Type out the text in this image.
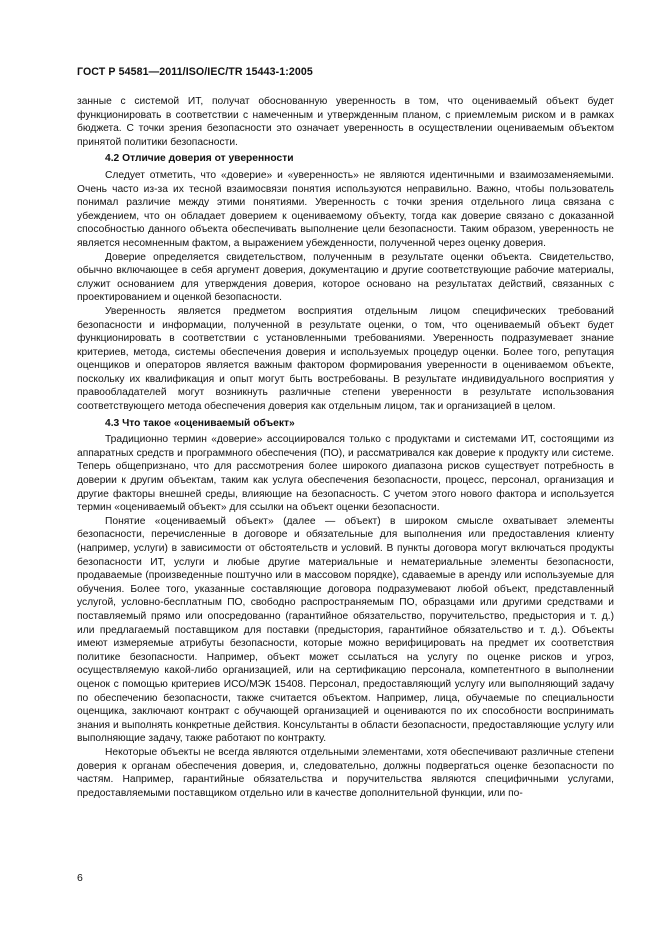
ГОСТ Р 54581—2011/ISO/IEC/TR 15443-1:2005

занные с системой ИТ, получат обоснованную уверенность в том, что оцениваемый объект будет функционировать в соответствии с намеченным и утвержденным планом, с приемлемым риском и в рамках бюджета. С точки зрения безопасности это означает уверенность в осуществлении оцениваемым объектом принятой политики безопасности.

4.2 Отличие доверия от уверенности

Следует отметить, что «доверие» и «уверенность» не являются идентичными и взаимозаменяемыми. Очень часто из-за их тесной взаимосвязи понятия используются неправильно. Важно, чтобы пользователь понимал различие между этими понятиями. Уверенность с точки зрения отдельного лица связана с убеждением, что он обладает доверием к оцениваемому объекту, тогда как доверие связано с доказанной способностью данного объекта обеспечивать выполнение цели безопасности. Таким образом, уверенность не является несомненным фактом, а выражением убежденности, полученной через оценку доверия.

Доверие определяется свидетельством, полученным в результате оценки объекта. Свидетельство, обычно включающее в себя аргумент доверия, документацию и другие соответствующие рабочие материалы, служит основанием для утверждения доверия, которое основано на результатах действий, связанных с проектированием и оценкой безопасности.

Уверенность является предметом восприятия отдельным лицом специфических требований безопасности и информации, полученной в результате оценки, о том, что оцениваемый объект будет функционировать в соответствии с установленными требованиями. Уверенность подразумевает знание критериев, метода, системы обеспечения доверия и используемых процедур оценки. Более того, репутация оценщиков и операторов является важным фактором формирования уверенности в оцениваемом объекте, поскольку их квалификация и опыт могут быть востребованы. В результате индивидуального восприятия у правообладателей могут возникнуть различные степени уверенности в результате использования соответствующего метода обеспечения доверия как отдельным лицом, так и организацией в целом.

4.3 Что такое «оцениваемый объект»

Традиционно термин «доверие» ассоциировался только с продуктами и системами ИТ, состоящими из аппаратных средств и программного обеспечения (ПО), и рассматривался как доверие к продукту или системе. Теперь общепризнано, что для рассмотрения более широкого диапазона рисков существует потребность в доверии к другим объектам, таким как услуга обеспечения безопасности, процесс, персонал, организация и другие факторы внешней среды, влияющие на безопасность. С учетом этого нового фактора и используется термин «оцениваемый объект» для ссылки на объект оценки безопасности.

Понятие «оцениваемый объект» (далее — объект) в широком смысле охватывает элементы безопасности, перечисленные в договоре и обязательные для выполнения или предоставления клиенту (например, услуги) в зависимости от обстоятельств и условий. В пункты договора могут включаться продукты безопасности ИТ, услуги и любые другие материальные и нематериальные элементы безопасности, продаваемые (произведенные поштучно или в массовом порядке), сдаваемые в аренду или используемые для обучения. Более того, указанные составляющие договора подразумевают любой объект, представленный услугой, условно-бесплатным ПО, свободно распространяемым ПО, образцами или другими средствами и поставляемый прямо или опосредованно (гарантийное обязательство, поручительство, предыстория и т. д.) или предлагаемый поставщиком для поставки (предыстория, гарантийное обязательство и т. д.). Объекты имеют измеряемые атрибуты безопасности, которые можно верифицировать на предмет их соответствия политике безопасности. Например, объект может ссылаться на услугу по оценке рисков и угроз, осуществляемую какой-либо организацией, или на сертификацию персонала, компетентного в выполнении оценок с помощью критериев ИСО/МЭК 15408. Персонал, предоставляющий услугу или выполняющий задачу по обеспечению безопасности, также считается объектом. Например, лица, обучаемые по специальности оценщика, заключают контракт с обучающей организацией и оцениваются по их способности воспринимать знания и выполнять конкретные действия. Консультанты в области безопасности, предоставляющие услугу или выполняющие задачу, также работают по контракту.

Некоторые объекты не всегда являются отдельными элементами, хотя обеспечивают различные степени доверия к органам обеспечения доверия, и, следовательно, должны подвергаться оценке безопасности по частям. Например, гарантийные обязательства и поручительства являются специфичными услугами, предоставляемыми поставщиком отдельно или в качестве дополнительной функции, или по-

6
